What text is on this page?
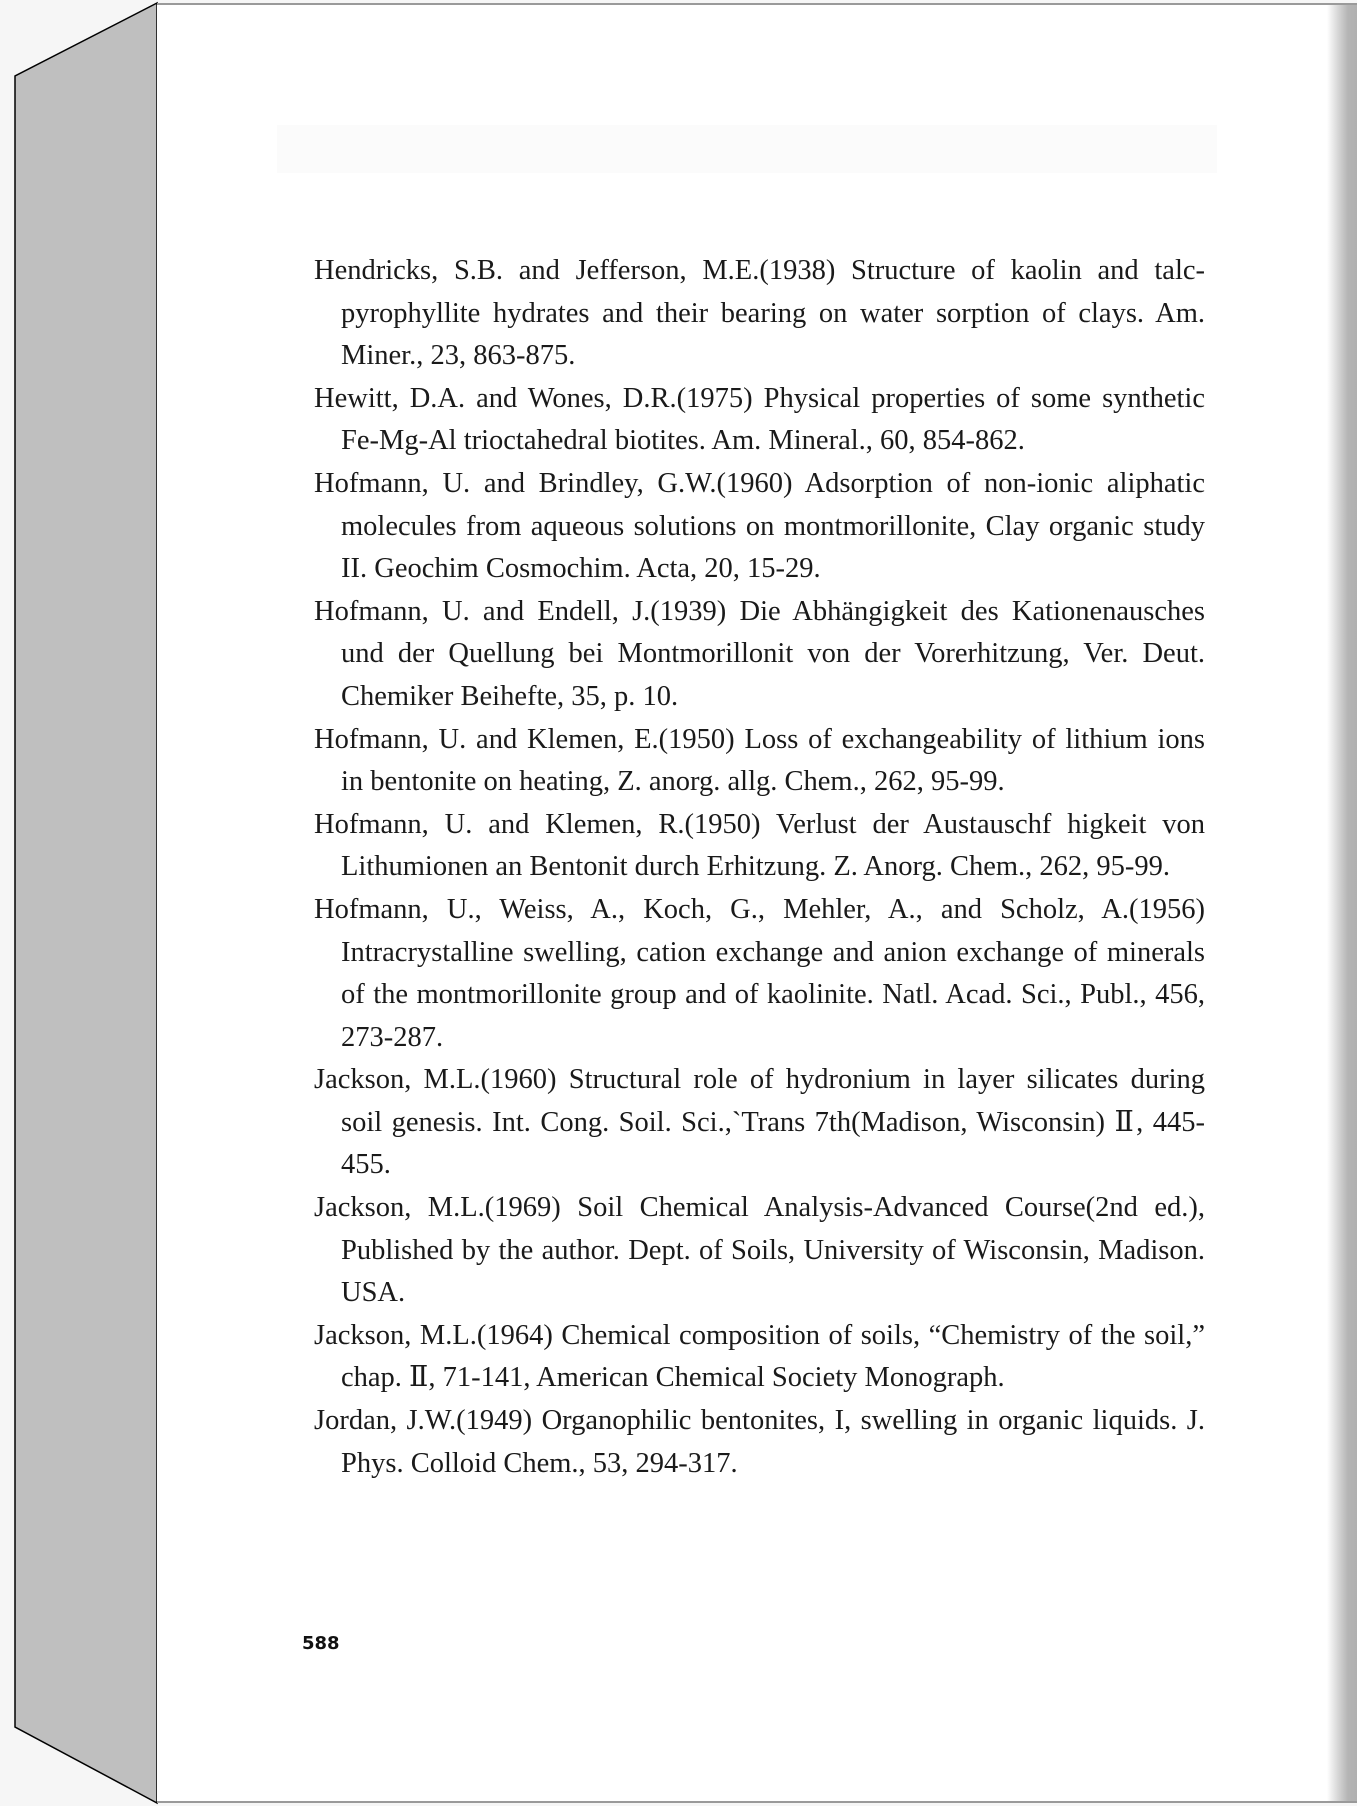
Hendricks, S.B. and Jefferson, M.E.(1938) Structure of kaolin and talc-pyrophyllite hydrates and their bearing on water sorption of clays. Am. Miner., 23, 863-875.
Hewitt, D.A. and Wones, D.R.(1975) Physical properties of some synthetic Fe-Mg-Al trioctahedral biotites. Am. Mineral., 60, 854-862.
Hofmann, U. and Brindley, G.W.(1960) Adsorption of non-ionic aliphatic molecules from aqueous solutions on montmorillonite, Clay organic study II. Geochim Cosmochim. Acta, 20, 15-29.
Hofmann, U. and Endell, J.(1939) Die Abhängigkeit des Kationenausches und der Quellung bei Montmorillonit von der Vorerhitzung, Ver. Deut. Chemiker Beihefte, 35, p. 10.
Hofmann, U. and Klemen, E.(1950) Loss of exchangeability of lithium ions in bentonite on heating, Z. anorg. allg. Chem., 262, 95-99.
Hofmann, U. and Klemen, R.(1950) Verlust der Austauschf higkeit von Lithumionen an Bentonit durch Erhitzung. Z. Anorg. Chem., 262, 95-99.
Hofmann, U., Weiss, A., Koch, G., Mehler, A., and Scholz, A.(1956) Intracrystalline swelling, cation exchange and anion exchange of minerals of the montmorillonite group and of kaolinite. Natl. Acad. Sci., Publ., 456, 273-287.
Jackson, M.L.(1960) Structural role of hydronium in layer silicates during soil genesis. Int. Cong. Soil. Sci.,`Trans 7th(Madison, Wisconsin) Ⅱ, 445-455.
Jackson, M.L.(1969) Soil Chemical Analysis-Advanced Course(2nd ed.), Published by the author. Dept. of Soils, University of Wisconsin, Madison. USA.
Jackson, M.L.(1964) Chemical composition of soils, “Chemistry of the soil,” chap. Ⅱ, 71-141, American Chemical Society Monograph.
Jordan, J.W.(1949) Organophilic bentonites, I, swelling in organic liquids. J. Phys. Colloid Chem., 53, 294-317.
588
